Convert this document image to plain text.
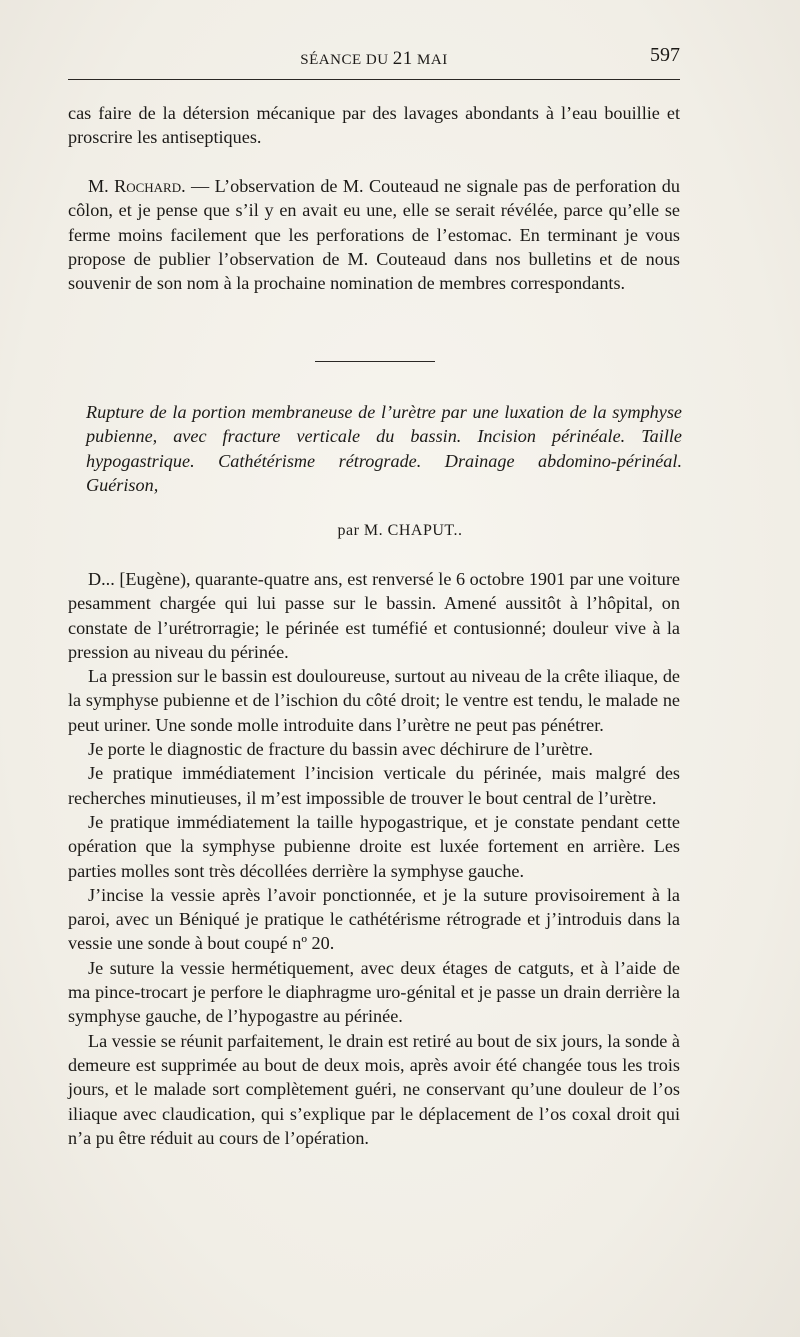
SÉANCE DU 21 MAI	597

cas faire de la détersion mécanique par des lavages abondants à l’eau bouillie et proscrire les antiseptiques.

M. Rochard. — L’observation de M. Couteaud ne signale pas de perforation du côlon, et je pense que s’il y en avait eu une, elle se serait révélée, parce qu’elle se ferme moins facilement que les perforations de l’estomac. En terminant je vous propose de publier l’observation de M. Couteaud dans nos bulletins et de nous souvenir de son nom à la prochaine nomination de membres correspondants.

Rupture de la portion membraneuse de l’urètre par une luxation de la symphyse pubienne, avec fracture verticale du bassin. Incision périnéale. Taille hypogastrique. Cathétérisme rétrograde. Drainage abdomino-périnéal. Guérison,

par M. CHAPUT..

D... [Eugène), quarante-quatre ans, est renversé le 6 octobre 1901 par une voiture pesamment chargée qui lui passe sur le bassin. Amené aussitôt à l’hôpital, on constate de l’urétrorragie; le périnée est tuméfié et contusionné; douleur vive à la pression au niveau du périnée.

La pression sur le bassin est douloureuse, surtout au niveau de la crête iliaque, de la symphyse pubienne et de l’ischion du côté droit; le ventre est tendu, le malade ne peut uriner. Une sonde molle introduite dans l’urètre ne peut pas pénétrer.

Je porte le diagnostic de fracture du bassin avec déchirure de l’urètre.

Je pratique immédiatement l’incision verticale du périnée, mais malgré des recherches minutieuses, il m’est impossible de trouver le bout central de l’urètre.

Je pratique immédiatement la taille hypogastrique, et je constate pendant cette opération que la symphyse pubienne droite est luxée fortement en arrière. Les parties molles sont très décollées derrière la symphyse gauche.

J’incise la vessie après l’avoir ponctionnée, et je la suture provisoirement à la paroi, avec un Béniqué je pratique le cathétérisme rétrograde et j’introduis dans la vessie une sonde à bout coupé nº 20.

Je suture la vessie hermétiquement, avec deux étages de catguts, et à l’aide de ma pince-trocart je perfore le diaphragme uro-génital et je passe un drain derrière la symphyse gauche, de l’hypogastre au périnée.

La vessie se réunit parfaitement, le drain est retiré au bout de six jours, la sonde à demeure est supprimée au bout de deux mois, après avoir été changée tous les trois jours, et le malade sort complètement guéri, ne conservant qu’une douleur de l’os iliaque avec claudication, qui s’explique par le déplacement de l’os coxal droit qui n’a pu être réduit au cours de l’opération.
